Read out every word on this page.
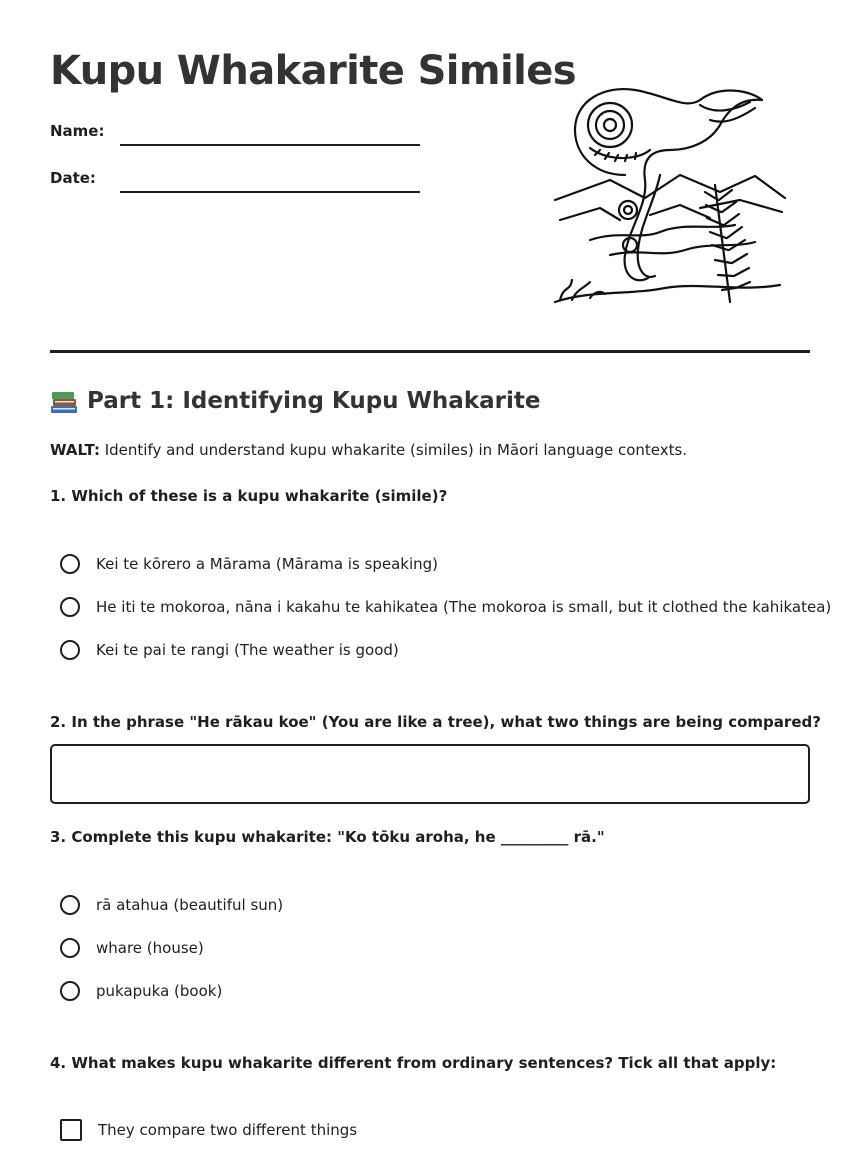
Kupu Whakarite Similes
Name:
Date:
Part 1: Identifying Kupu Whakarite
WALT: Identify and understand kupu whakarite (similes) in Māori language contexts.
1. Which of these is a kupu whakarite (simile)?
Kei te kōrero a Mārama (Mārama is speaking)
He iti te mokoroa, nāna i kakahu te kahikatea (The mokoroa is small, but it clothed the kahikatea)
Kei te pai te rangi (The weather is good)
2. In the phrase "He rākau koe" (You are like a tree), what two things are being compared?
3. Complete this kupu whakarite: "Ko tōku aroha, he _________ rā."
rā atahua (beautiful sun)
whare (house)
pukapuka (book)
4. What makes kupu whakarite different from ordinary sentences? Tick all that apply:
They compare two different things
